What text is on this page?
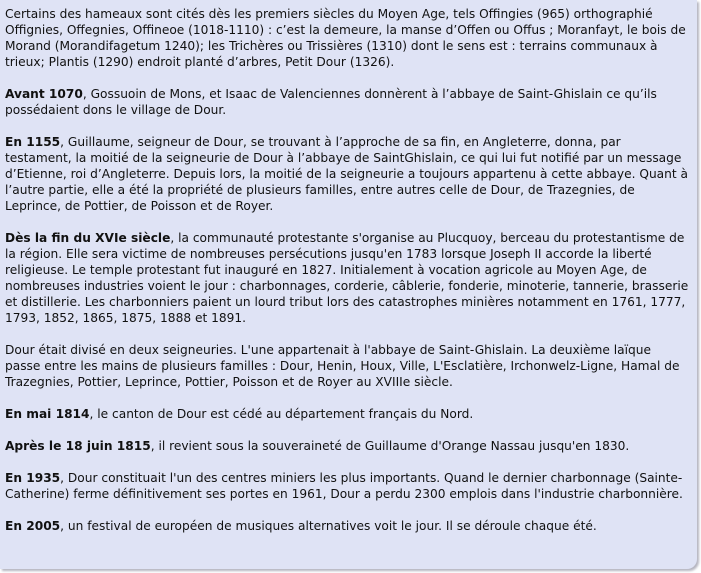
Certains des hameaux sont cités dès les premiers siècles du Moyen Age, tels Offingies (965) orthographié Offignies, Offegnies, Offineoe (1018-1110) : c’est la demeure, la manse d’Offen ou Offus ; Moranfayt, le bois de Morand (Morandifagetum 1240); les Trichères ou Trissières (1310) dont le sens est : terrains communaux à trieux; Plantis (1290) endroit planté d’arbres, Petit Dour (1326).

Avant 1070, Gossuoin de Mons, et Isaac de Valenciennes donnèrent à l’abbaye de Saint-Ghislain ce qu’ils possédaient dons le village de Dour.

En 1155, Guillaume, seigneur de Dour, se trouvant à l’approche de sa fin, en Angleterre, donna, par testament, la moitié de la seigneurie de Dour à l’abbaye de SaintGhislain, ce qui lui fut notifié par un message d’Etienne, roi d’Angleterre. Depuis lors, la moitié de la seigneurie a toujours appartenu à cette abbaye. Quant à l’autre partie, elle a été la propriété de plusieurs familles, entre autres celle de Dour, de Trazegnies, de Leprince, de Pottier, de Poisson et de Royer.

Dès la fin du XVIe siècle, la communauté protestante s'organise au Plucquoy, berceau du protestantisme de la région. Elle sera victime de nombreuses persécutions jusqu'en 1783 lorsque Joseph II accorde la liberté religieuse. Le temple protestant fut inauguré en 1827. Initialement à vocation agricole au Moyen Age, de nombreuses industries voient le jour : charbonnages, corderie, câblerie, fonderie, minoterie, tannerie, brasserie et distillerie. Les charbonniers paient un lourd tribut lors des catastrophes minières notamment en 1761, 1777, 1793, 1852, 1865, 1875, 1888 et 1891.

Dour était divisé en deux seigneuries. L'une appartenait à l'abbaye de Saint-Ghislain. La deuxième laïque passe entre les mains de plusieurs familles : Dour, Henin, Houx, Ville, L'Esclatière, Irchonwelz-Ligne, Hamal de Trazegnies, Pottier, Leprince, Pottier, Poisson et de Royer au XVIIIe siècle.

En mai 1814, le canton de Dour est cédé au département français du Nord.

Après le 18 juin 1815, il revient sous la souveraineté de Guillaume d'Orange Nassau jusqu'en 1830.

En 1935, Dour constituait l'un des centres miniers les plus importants. Quand le dernier charbonnage (Sainte-Catherine) ferme définitivement ses portes en 1961, Dour a perdu 2300 emplois dans l'industrie charbonnière.

En 2005, un festival de européen de musiques alternatives voit le jour. Il se déroule chaque été.
